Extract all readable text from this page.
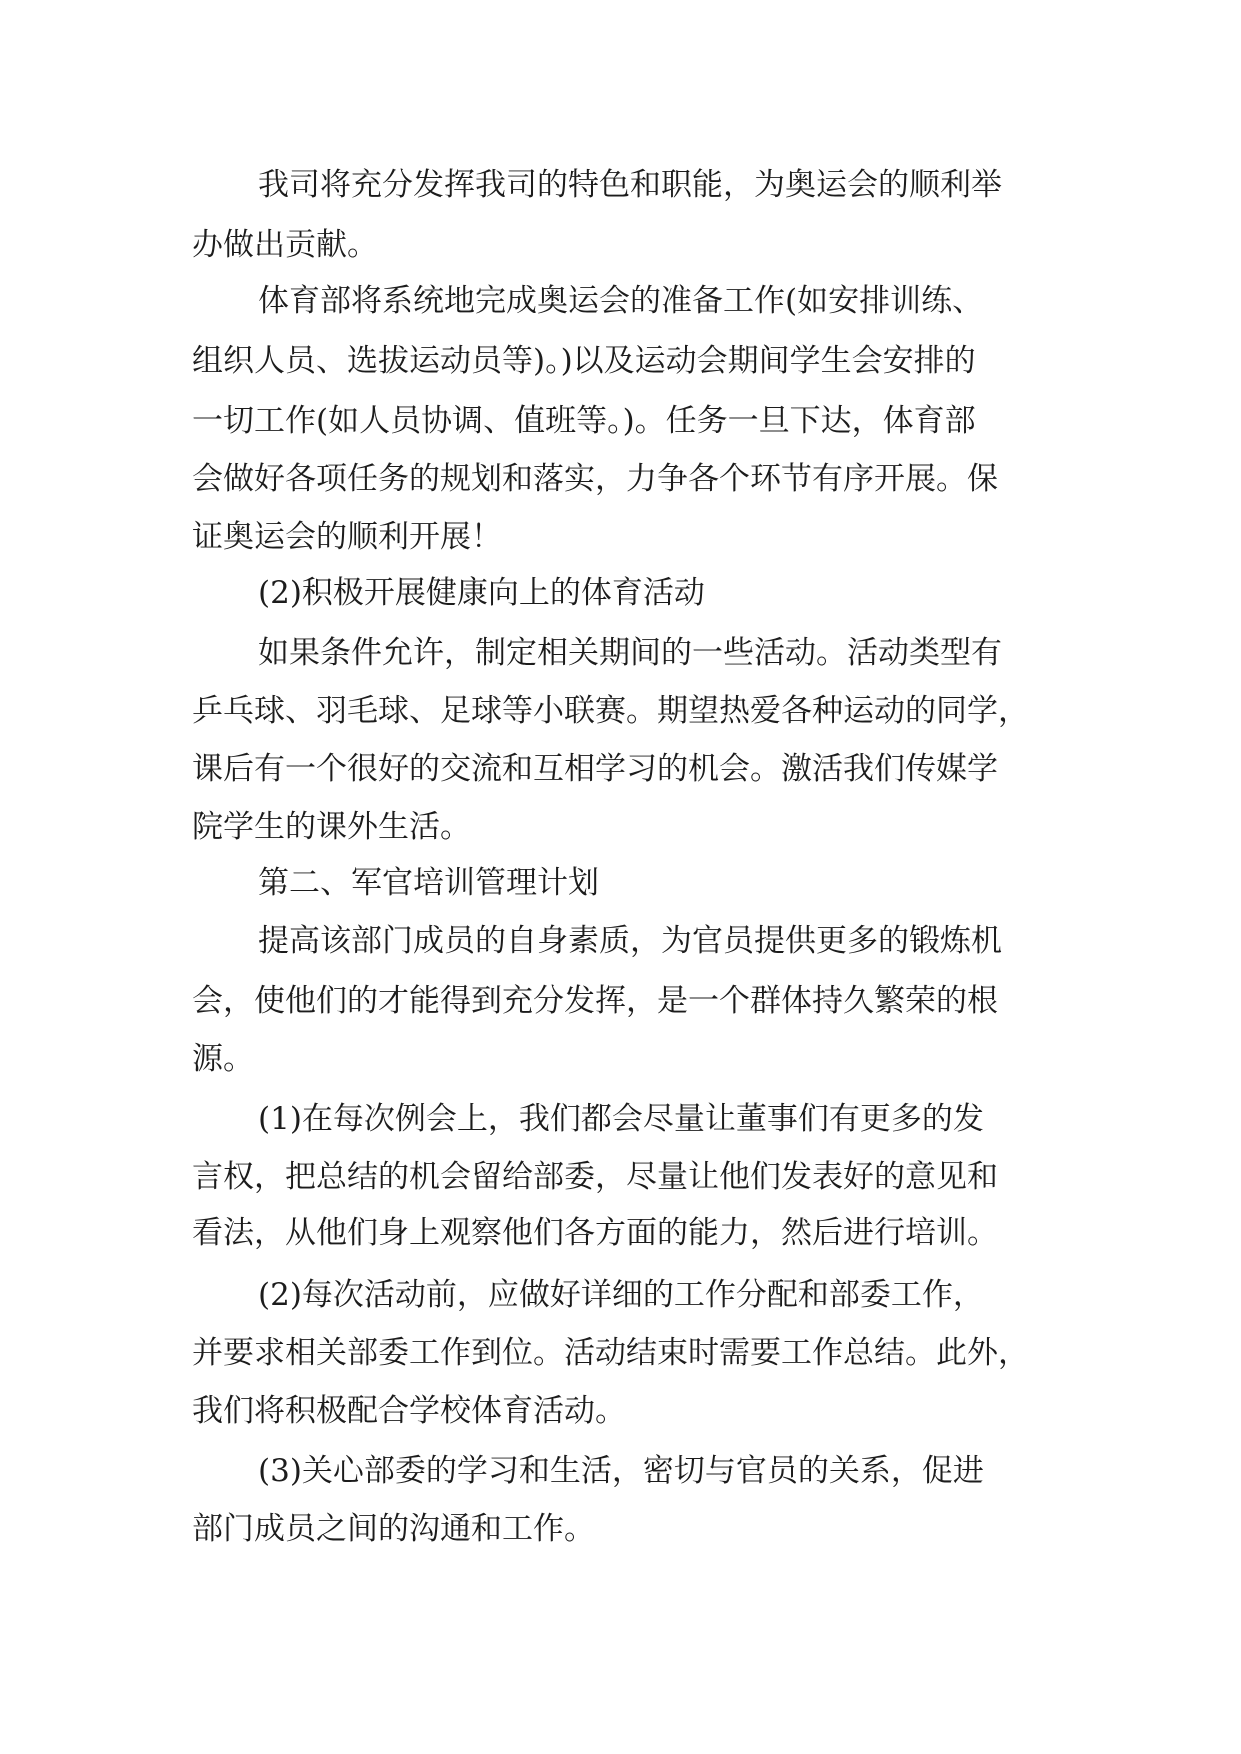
我司将充分发挥我司的特色和职能，为奥运会的顺利举

办做出贡献。

体育部将系统地完成奥运会的准备工作(如安排训练、

组织人员、选拔运动员等)。)以及运动会期间学生会安排的

一切工作(如人员协调、值班等。)。任务一旦下达，体育部

会做好各项任务的规划和落实，力争各个环节有序开展。保

证奥运会的顺利开展！

(2)积极开展健康向上的体育活动

如果条件允许，制定相关期间的一些活动。活动类型有

乒乓球、羽毛球、足球等小联赛。期望热爱各种运动的同学，

课后有一个很好的交流和互相学习的机会。激活我们传媒学

院学生的课外生活。

第二、军官培训管理计划

提高该部门成员的自身素质，为官员提供更多的锻炼机

会，使他们的才能得到充分发挥，是一个群体持久繁荣的根

源。

(1)在每次例会上，我们都会尽量让董事们有更多的发

言权，把总结的机会留给部委，尽量让他们发表好的意见和

看法，从他们身上观察他们各方面的能力，然后进行培训。

(2)每次活动前，应做好详细的工作分配和部委工作，

并要求相关部委工作到位。活动结束时需要工作总结。此外，

我们将积极配合学校体育活动。

(3)关心部委的学习和生活，密切与官员的关系，促进

部门成员之间的沟通和工作。
